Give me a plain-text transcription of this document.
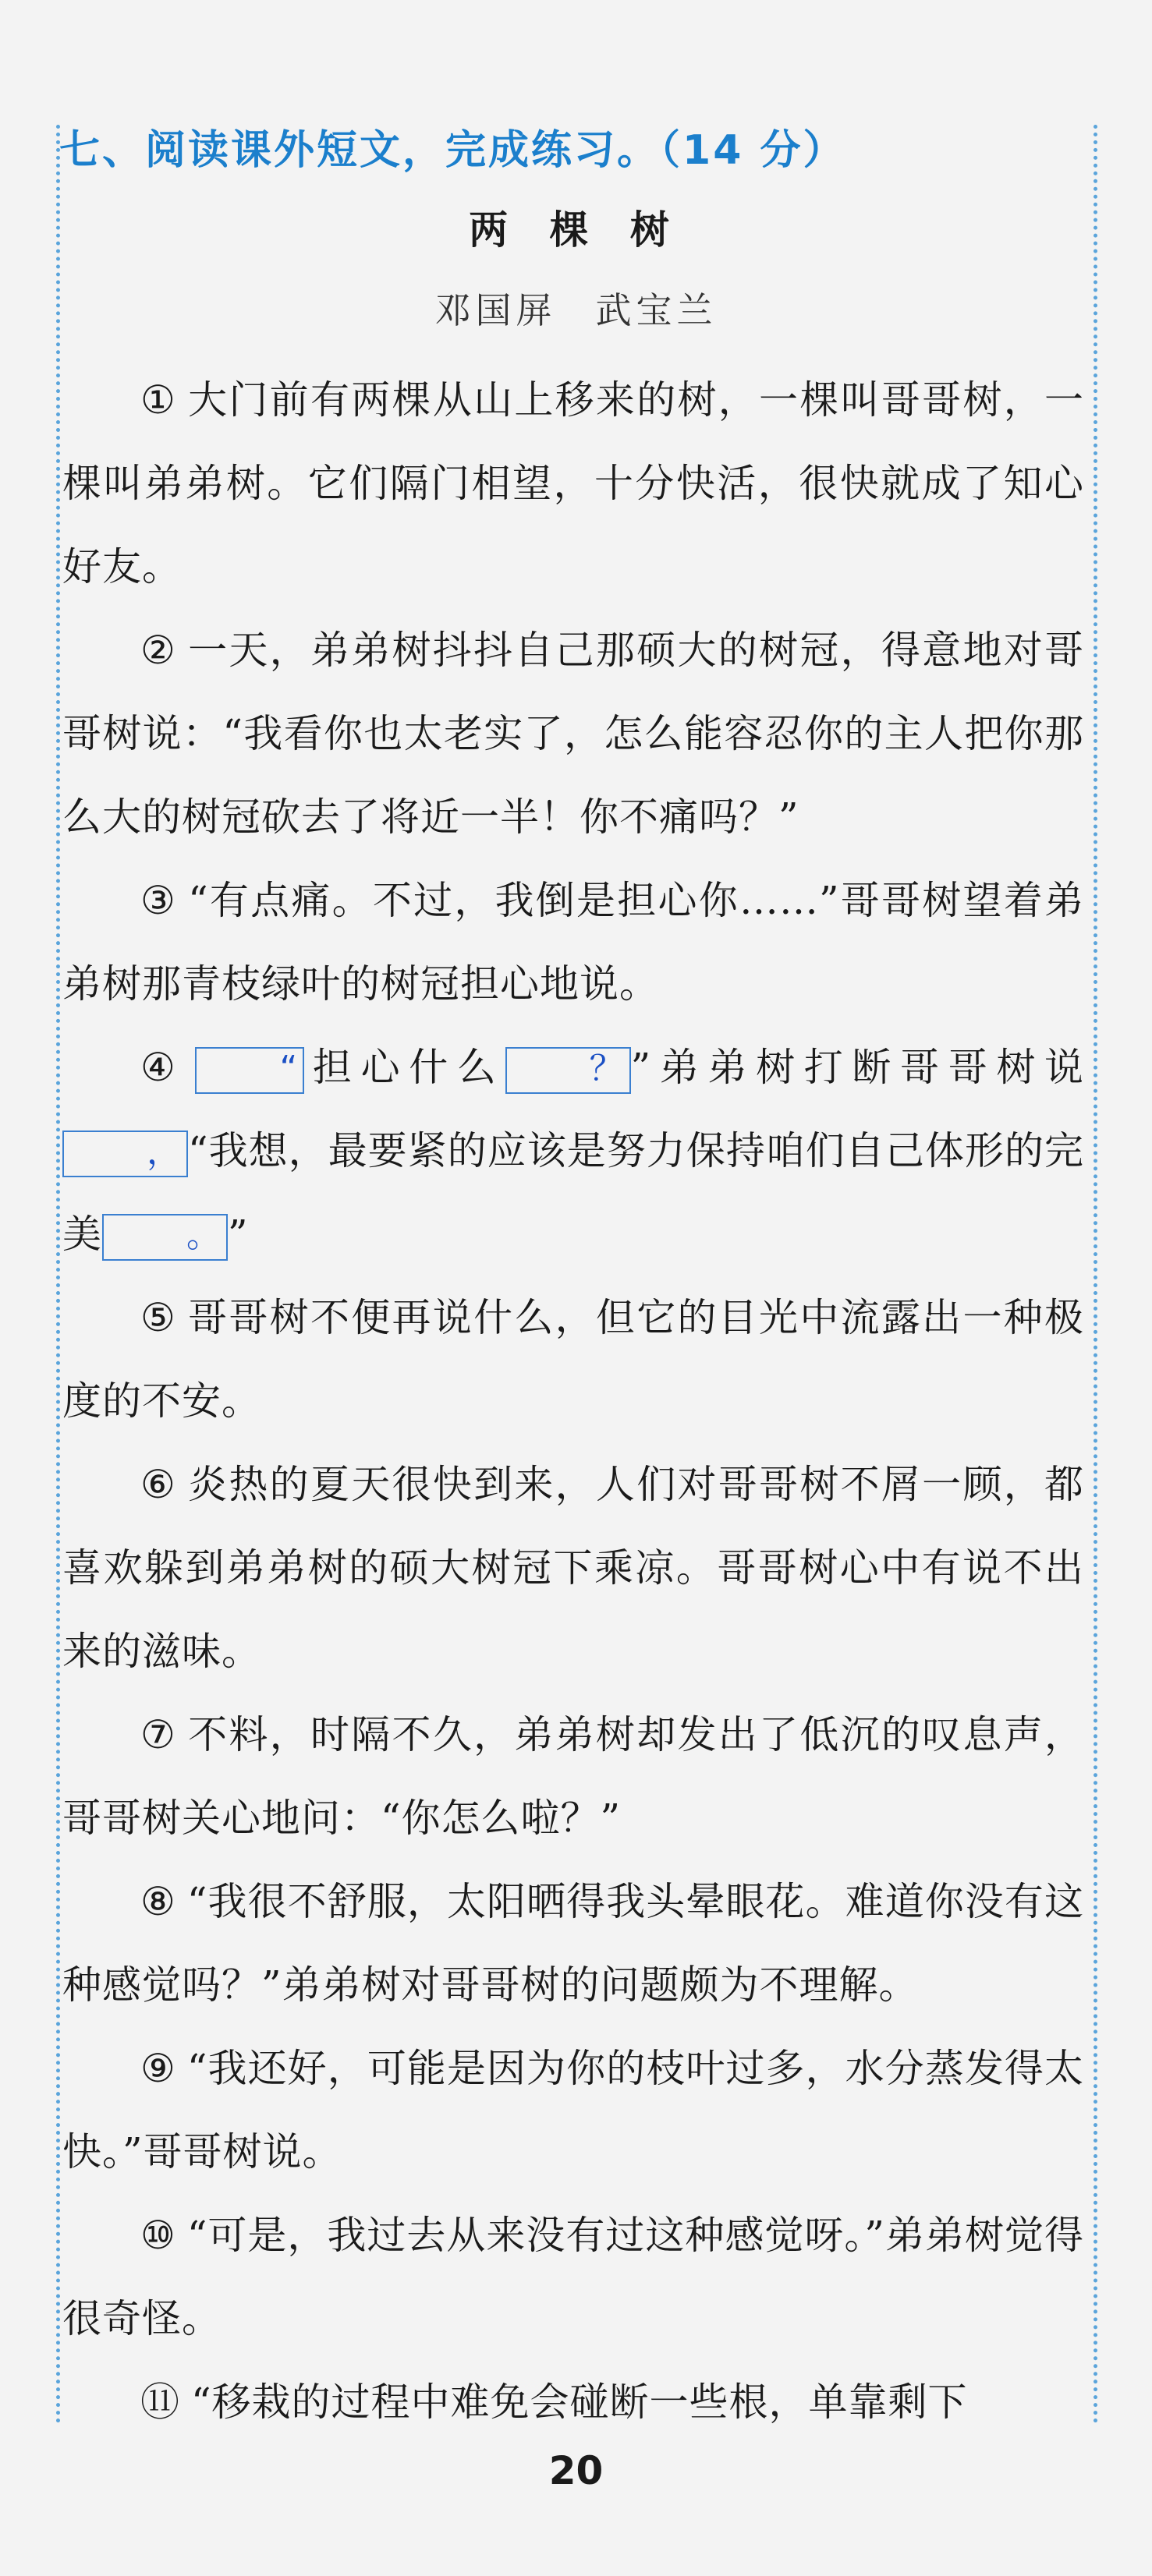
七、阅读课外短文，完成练习。（14 分）
两 棵 树
邓国屏 武宝兰

① 大门前有两棵从山上移来的树，一棵叫哥哥树，一棵叫弟弟树。它们隔门相望，十分快活，很快就成了知心好友。

② 一天，弟弟树抖抖自己那硕大的树冠，得意地对哥哥树说：“我看你也太老实了，怎么能容忍你的主人把你那么大的树冠砍去了将近一半！你不痛吗？”

③ “有点痛。不过，我倒是担心你……”哥哥树望着弟弟树那青枝绿叶的树冠担心地说。

④	“ 担心什么 ？ ”弟弟树打断哥哥树说， “我想，最要紧的应该是努力保持咱们自己体形的完美 。 ”

⑤ 哥哥树不便再说什么，但它的目光中流露出一种极度的不安。

⑥ 炎热的夏天很快到来，人们对哥哥树不屑一顾，都喜欢躲到弟弟树的硕大树冠下乘凉。哥哥树心中有说不出来的滋味。

⑦ 不料，时隔不久，弟弟树却发出了低沉的叹息声，哥哥树关心地问：“你怎么啦？”

⑧ “我很不舒服，太阳晒得我头晕眼花。难道你没有这种感觉吗？”弟弟树对哥哥树的问题颇为不理解。

⑨ “我还好，可能是因为你的枝叶过多，水分蒸发得太快。”哥哥树说。

⑩ “可是，我过去从来没有过这种感觉呀。”弟弟树觉得很奇怪。

⑪ “移栽的过程中难免会碰断一些根，单靠剩下

20
